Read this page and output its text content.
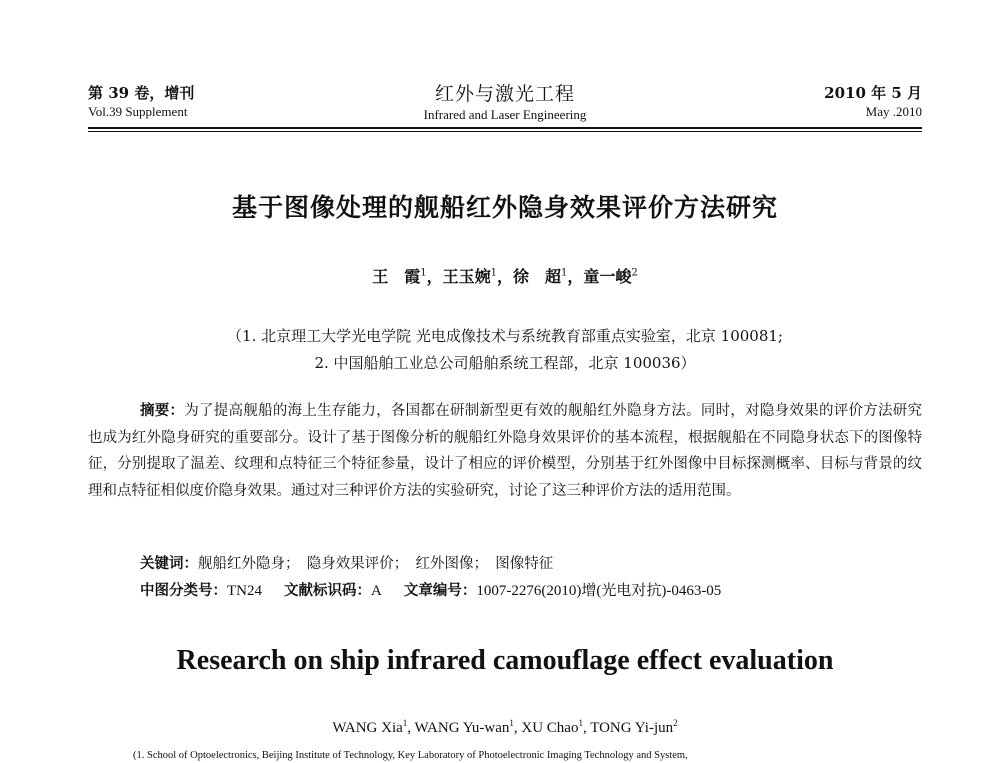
第 39 卷，增刊
Vol.39 Supplement
红外与激光工程
Infrared and Laser Engineering
2010 年 5 月
May .2010
基于图像处理的舰船红外隐身效果评价方法研究
王　霞$^1$，王玉婉$^1$，徐　超$^1$，童一峻$^2$
（1. 北京理工大学光电学院 光电成像技术与系统教育部重点实验室，北京 100081;
2. 中国船舶工业总公司船舶系统工程部，北京 100036）

摘要：为了提高舰船的海上生存能力，各国都在研制新型更有效的舰船红外隐身方法。同时，对隐身效果的评价方法研究也成为红外隐身研究的重要部分。设计了基于图像分析的舰船红外隐身效果评价的基本流程，根据舰船在不同隐身状态下的图像特征，分别提取了温差、纹理和点特征三个特征参量，设计了相应的评价模型，分别基于红外图像中目标探测概率、目标与背景的纹理和点特征相似度价隐身效果。通过对三种评价方法的实验研究，讨论了这三种评价方法的适用范围。

关键词：舰船红外隐身；　隐身效果评价；　红外图像；　图像特征
中图分类号：TN24 文献标识码：A 文章编号：1007-2276(2010)增(光电对抗)-0463-05
Research on ship infrared camouflage effect evaluation
WANG Xia$^1$, WANG Yu-wan$^1$, XU Chao$^1$, TONG Yi-jun$^2$
(1. School of Optoelectronics, Beijing Institute of Technology, Key Laboratory of Photoelectronic Imaging Technology and System,
